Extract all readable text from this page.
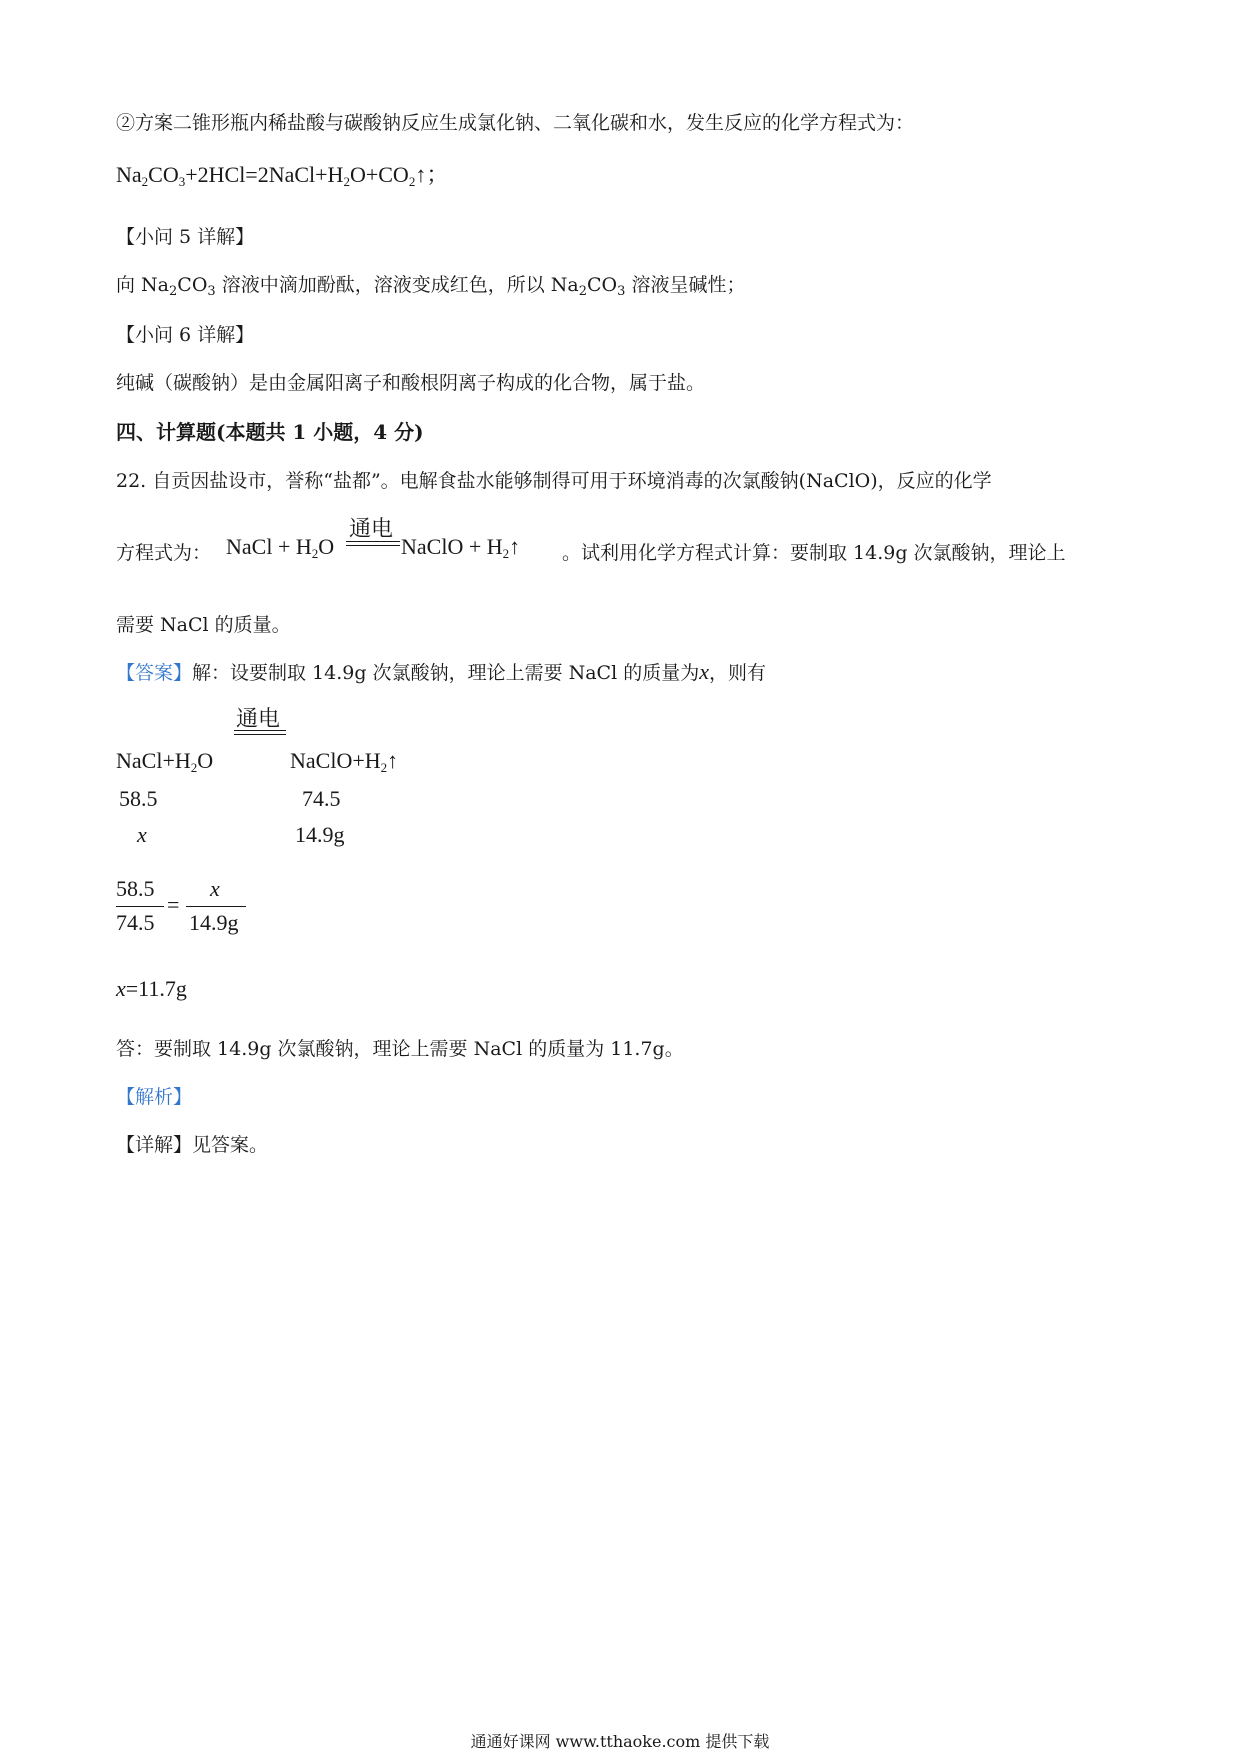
②方案二锥形瓶内稀盐酸与碳酸钠反应生成氯化钠、二氧化碳和水，发生反应的化学方程式为：
$Na_2CO_3+2HCl=2NaCl+H_2O+CO_2↑$；
【小问 5 详解】
向 $Na_2CO_3$ 溶液中滴加酚酞，溶液变成红色，所以 $Na_2CO_3$ 溶液呈碱性；
【小问 6 详解】
纯碱（碳酸钠）是由金属阳离子和酸根阴离子构成的化合物，属于盐。
四、计算题(本题共 1 小题，4 分)
22. 自贡因盐设市，誉称“盐都”。电解食盐水能够制得可用于环境消毒的次氯酸钠(NaClO)，反应的化学
方程式为： NaCl + $H_2O$
通电
NaClO + $H_2↑$ 。试利用化学方程式计算：要制取 14.9g 次氯酸钠，理论上
需要 NaCl 的质量。
【答案】解：设要制取 14.9g 次氯酸钠，理论上需要 NaCl 的质量为x，则有
通电
$NaCl+H_2O$	$NaClO+H_2↑$
58.5	74.5
x	14.9g
58.5
74.5
=
x
14.9g
x=11.7g
答：要制取 14.9g 次氯酸钠，理论上需要 NaCl 的质量为 11.7g。
【解析】
【详解】见答案。
通通好课网 www.tthaoke.com 提供下载
